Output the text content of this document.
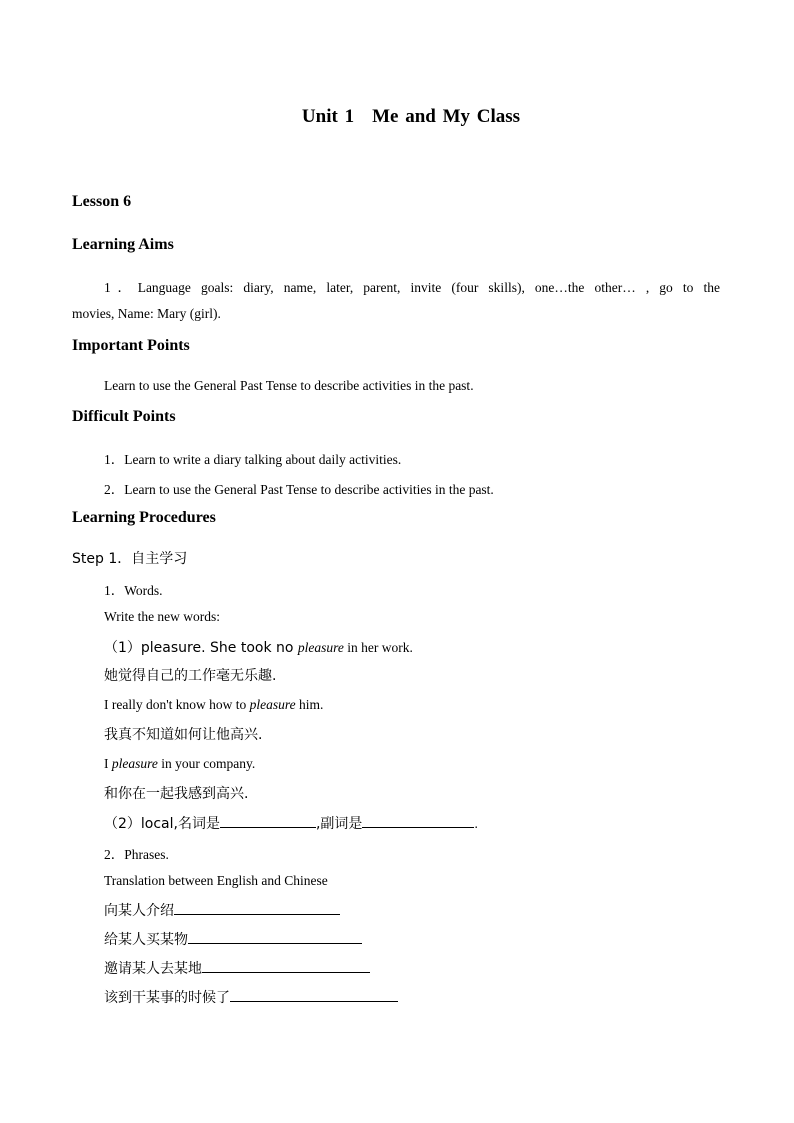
Unit 1 Me and My Class
Lesson 6
Learning Aims
1．Language goals: diary, name, later, parent, invite (four skills), one…the other… , go to the
movies, Name: Mary (girl).
Important Points
Learn to use the General Past Tense to describe activities in the past.
Difficult Points
1．Learn to write a diary talking about daily activities.
2．Learn to use the General Past Tense to describe activities in the past.
Learning Procedures
Step 1．自主学习
1．Words.
Write the new words:
（1）pleasure. She took no pleasure in her work.
她觉得自己的工作毫无乐趣.
I really don't know how to pleasure him.
我真不知道如何让他高兴.
I pleasure in your company.
和你在一起我感到高兴.
（2）local,名词是	,副词是	.
2．Phrases.
Translation between English and Chinese
向某人介绍
给某人买某物
邀请某人去某地
该到干某事的时候了
